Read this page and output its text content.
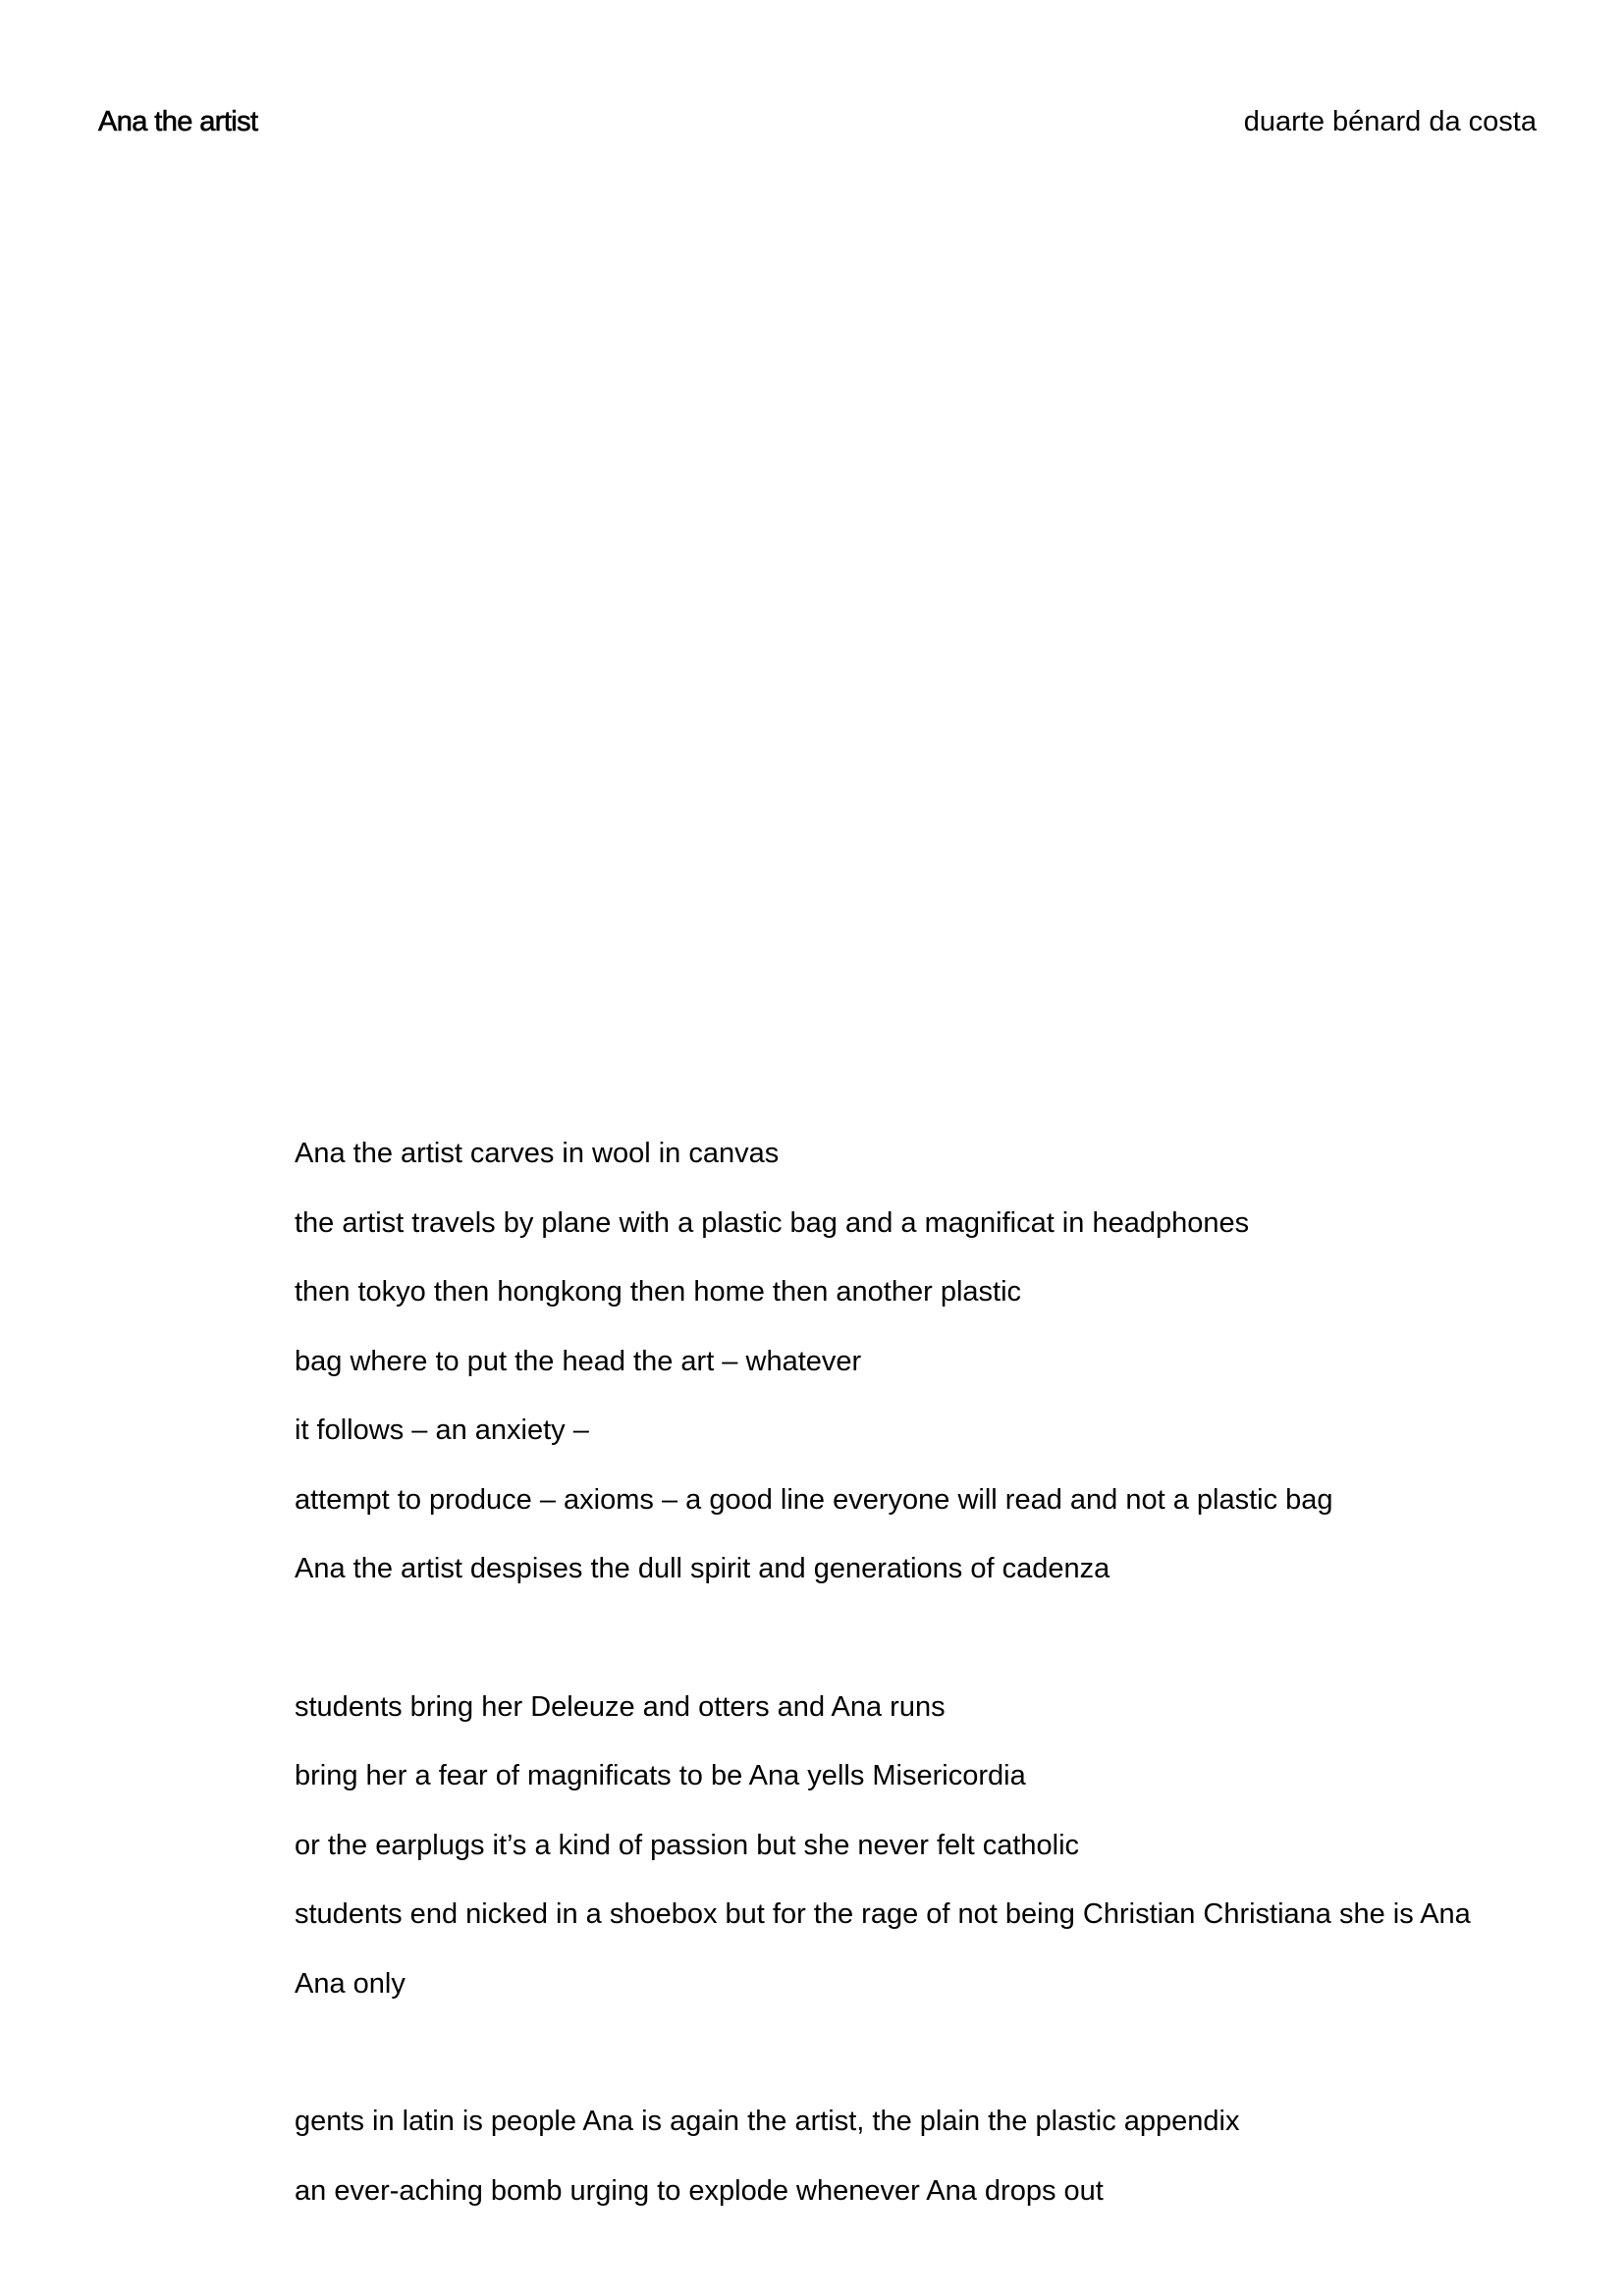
Ana the artist	duarte bénard da costa
Ana the artist carves in wool in canvas
the artist travels by plane with a plastic bag and a magnificat in headphones
then tokyo then hongkong then home then another plastic
bag where to put the head the art – whatever
it follows – an anxiety –
attempt to produce – axioms – a good line everyone will read and not a plastic bag
Ana the artist despises the dull spirit and generations of cadenza
students bring her Deleuze and otters and Ana runs
bring her a fear of magnificats to be Ana yells Misericordia
or the earplugs it’s a kind of passion but she never felt catholic
students end nicked in a shoebox but for the rage of not being Christian Christiana she is Ana
Ana only
gents in latin is people Ana is again the artist, the plain the plastic appendix
an ever-aching bomb urging to explode whenever Ana drops out
